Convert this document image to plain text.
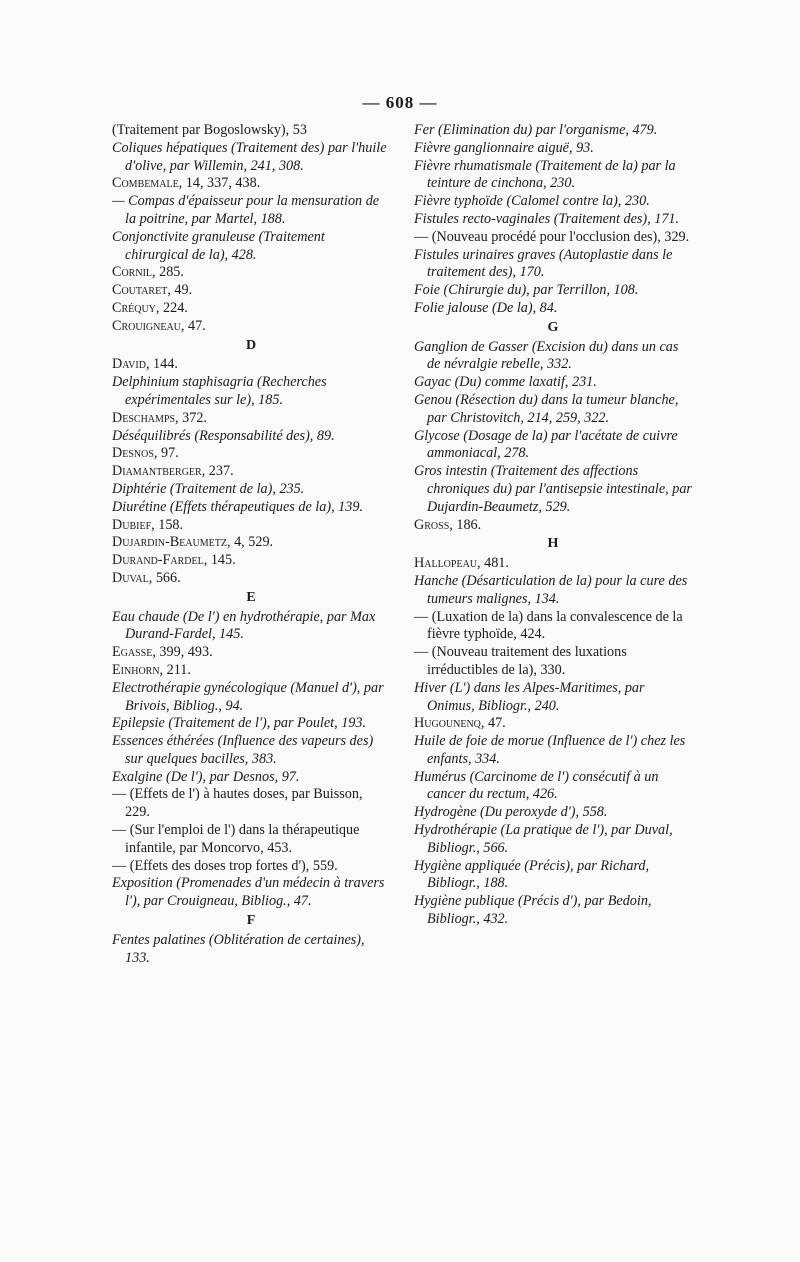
— 608 —

(Traitement par Bogoslowsky), 53

Coliques hépatiques (Traitement des) par l'huile d'olive, par Willemin, 241, 308.

Combemale, 14, 337, 438.

— Compas d'épaisseur pour la mensuration de la poitrine, par Martel, 188.

Conjonctivite granuleuse (Traitement chirurgical de la), 428.

Cornil, 285.

Coutaret, 49.

Créquy, 224.

Crouigneau, 47.

D

David, 144.

Delphinium staphisagria (Recherches expérimentales sur le), 185.

Deschamps, 372.

Déséquilibrés (Responsabilité des), 89.

Desnos, 97.

Diamantberger, 237.

Diphtérie (Traitement de la), 235.

Diurétine (Effets thérapeutiques de la), 139.

Dubief, 158.

Dujardin-Beaumetz, 4, 529.

Durand-Fardel, 145.

Duval, 566.

E

Eau chaude (De l') en hydrothérapie, par Max Durand-Fardel, 145.

Egasse, 399, 493.

Einhorn, 211.

Electrothérapie gynécologique (Manuel d'), par Brivois, Bibliog., 94.

Epilepsie (Traitement de l'), par Poulet, 193.

Essences éthérées (Influence des vapeurs des) sur quelques bacilles, 383.

Exalgine (De l'), par Desnos, 97.

— (Effets de l') à hautes doses, par Buisson, 229.

— (Sur l'emploi de l') dans la thérapeutique infantile, par Moncorvo, 453.

— (Effets des doses trop fortes d'), 559.

Exposition (Promenades d'un médecin à travers l'), par Crouigneau, Bibliog., 47.

F

Fentes palatines (Oblitération de certaines), 133.

Fer (Elimination du) par l'organisme, 479.

Fièvre ganglionnaire aiguë, 93.

Fièvre rhumatismale (Traitement de la) par la teinture de cinchona, 230.

Fièvre typhoïde (Calomel contre la), 230.

Fistules recto-vaginales (Traitement des), 171.

— (Nouveau procédé pour l'occlusion des), 329.

Fistules urinaires graves (Autoplastie dans le traitement des), 170.

Foie (Chirurgie du), par Terrillon, 108.

Folie jalouse (De la), 84.

G

Ganglion de Gasser (Excision du) dans un cas de névralgie rebelle, 332.

Gayac (Du) comme laxatif, 231.

Genou (Résection du) dans la tumeur blanche, par Christovitch, 214, 259, 322.

Glycose (Dosage de la) par l'acétate de cuivre ammoniacal, 278.

Gros intestin (Traitement des affections chroniques du) par l'antisepsie intestinale, par Dujardin-Beaumetz, 529.

Gross, 186.

H

Hallopeau, 481.

Hanche (Désarticulation de la) pour la cure des tumeurs malignes, 134.

— (Luxation de la) dans la convalescence de la fièvre typhoïde, 424.

— (Nouveau traitement des luxations irréductibles de la), 330.

Hiver (L') dans les Alpes-Maritimes, par Onimus, Bibliogr., 240.

Hugounenq, 47.

Huile de foie de morue (Influence de l') chez les enfants, 334.

Humérus (Carcinome de l') consécutif à un cancer du rectum, 426.

Hydrogène (Du peroxyde d'), 558.

Hydrothérapie (La pratique de l'), par Duval, Bibliogr., 566.

Hygiène appliquée (Précis), par Richard, Bibliogr., 188.

Hygiène publique (Précis d'), par Bedoin, Bibliogr., 432.
